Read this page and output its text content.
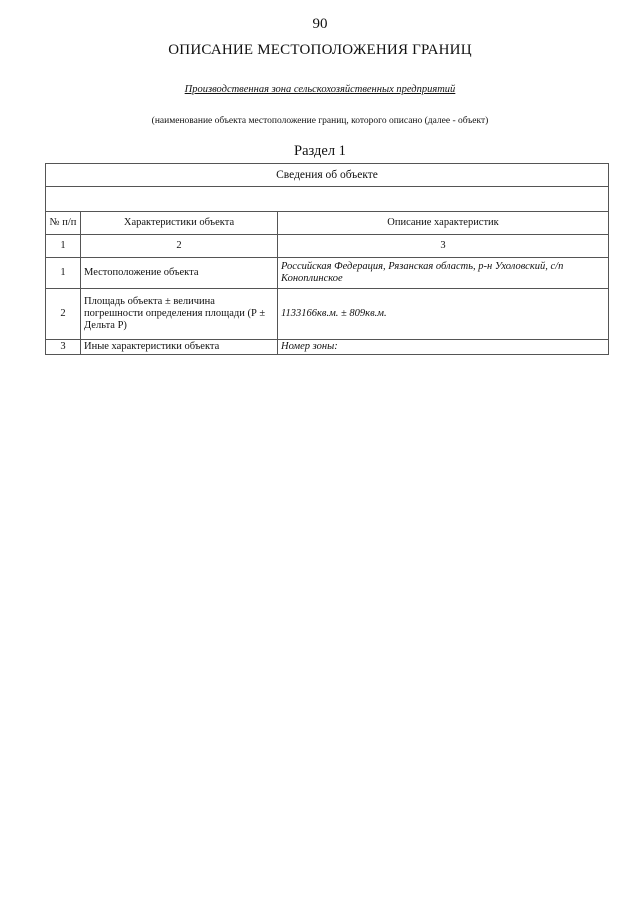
90
ОПИСАНИЕ МЕСТОПОЛОЖЕНИЯ ГРАНИЦ
Производственная зона сельскохозяйственных предприятий
(наименование объекта местоположение границ, которого описано (далее - объект)
Раздел 1
Сведения об объекте		

№ п/п	Характеристики объекта	Описание характеристик
1	2	3
1	Местоположение объекта	Российская Федерация, Рязанская область, р-н Ухоловский, с/п Коноплинское
2	Площадь объекта ± величина погрешности определения площади (Р ± Дельта Р)	1133166кв.м. ± 809кв.м.
3	Иные характеристики объекта	Номер зоны:
